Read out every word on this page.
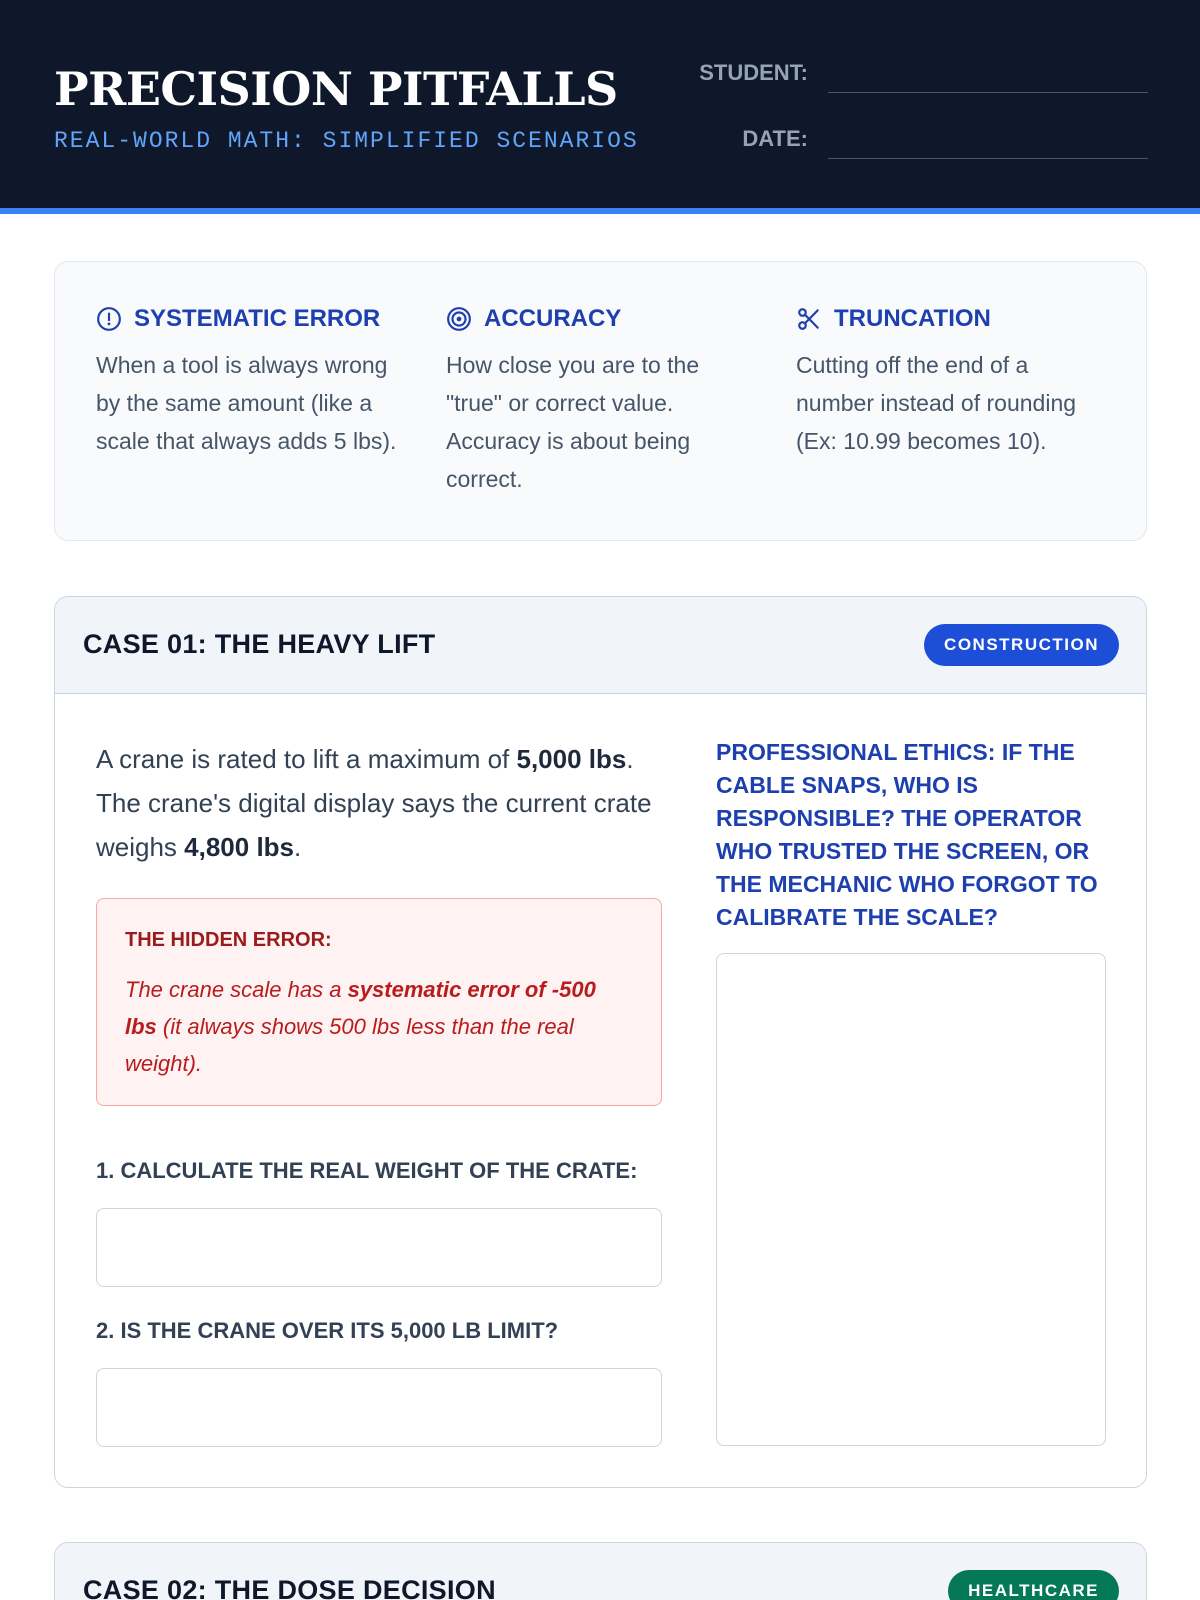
PRECISION PITFALLS
REAL-WORLD MATH: SIMPLIFIED SCENARIOS
STUDENT:
DATE:
SYSTEMATIC ERROR
When a tool is always wrong by the same amount (like a scale that always adds 5 lbs).
ACCURACY
How close you are to the "true" or correct value. Accuracy is about being correct.
TRUNCATION
Cutting off the end of a number instead of rounding (Ex: 10.99 becomes 10).
CASE 01: THE HEAVY LIFT	CONSTRUCTION
A crane is rated to lift a maximum of 5,000 lbs. The crane's digital display says the current crate weighs 4,800 lbs.
THE HIDDEN ERROR:
The crane scale has a systematic error of -500 lbs (it always shows 500 lbs less than the real weight).
1. CALCULATE THE REAL WEIGHT OF THE CRATE:
2. IS THE CRANE OVER ITS 5,000 LB LIMIT?
PROFESSIONAL ETHICS: IF THE CABLE SNAPS, WHO IS RESPONSIBLE? THE OPERATOR WHO TRUSTED THE SCREEN, OR THE MECHANIC WHO FORGOT TO CALIBRATE THE SCALE?
CASE 02: THE DOSE DECISION	HEALTHCARE
